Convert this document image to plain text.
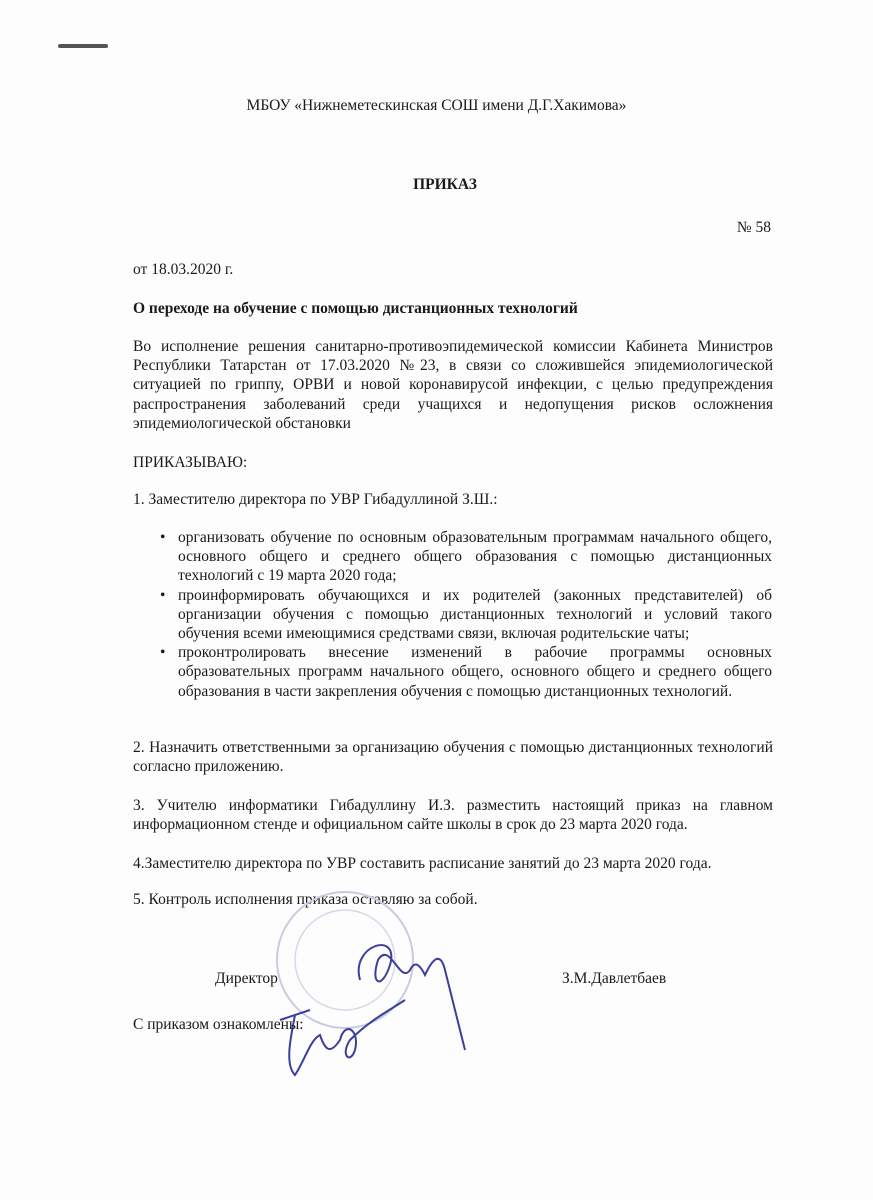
МБОУ «Нижнеметескинская СОШ имени Д.Г.Хакимова»
ПРИКАЗ
№ 58
от 18.03.2020 г.
О переходе на обучение с помощью дистанционных технологий
Во исполнение решения санитарно-противоэпидемической комиссии Кабинета Министров Республики Татарстан от 17.03.2020 №23, в связи со сложившейся эпидемиологической ситуацией по гриппу, ОРВИ и новой коронавирусой инфекции, с целью предупреждения распространения заболеваний среди учащихся и недопущения рисков осложнения эпидемиологической обстановки
ПРИКАЗЫВАЮ:
1. Заместителю директора по УВР Гибадуллиной З.Ш.:
• организовать обучение по основным образовательным программам начального общего, основного общего и среднего общего образования с помощью дистанционных технологий с 19 марта 2020 года;
• проинформировать обучающихся и их родителей (законных представителей) об организации обучения с помощью дистанционных технологий и условий такого обучения всеми имеющимися средствами связи, включая родительские чаты;
• проконтролировать внесение изменений в рабочие программы основных образовательных программ начального общего, основного общего и среднего общего образования в части закрепления обучения с помощью дистанционных технологий.
2. Назначить ответственными за организацию обучения с помощью дистанционных технологий согласно приложению.
3. Учителю информатики Гибадуллину И.З. разместить настоящий приказ на главном информационном стенде и официальном сайте школы в срок до 23 марта 2020 года.
4.Заместителю директора по УВР составить расписание занятий до 23 марта 2020 года.
5. Контроль исполнения приказа оставляю за собой.
Директор	З.М.Давлетбаев
С приказом ознакомлены:
